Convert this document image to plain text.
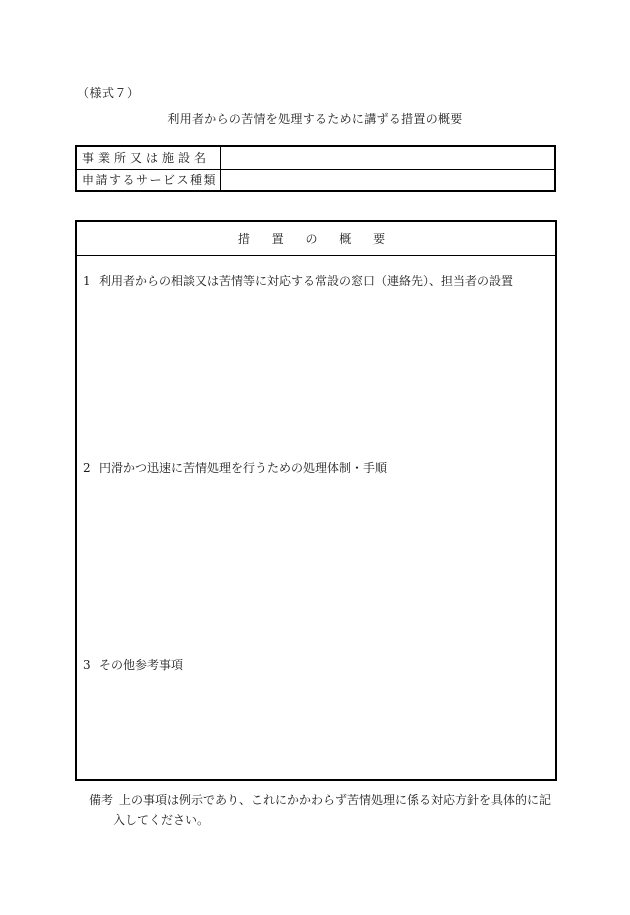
（様式７）
利用者からの苦情を処理するために講ずる措置の概要
事業所又は施設名
申請するサービス種類
措 置 の 概 要
1 利用者からの相談又は苦情等に対応する常設の窓口（連絡先）、担当者の設置
2 円滑かつ迅速に苦情処理を行うための処理体制・手順
3 その他参考事項
備考 上の事項は例示であり、これにかかわらず苦情処理に係る対応方針を具体的に記
入してください。
